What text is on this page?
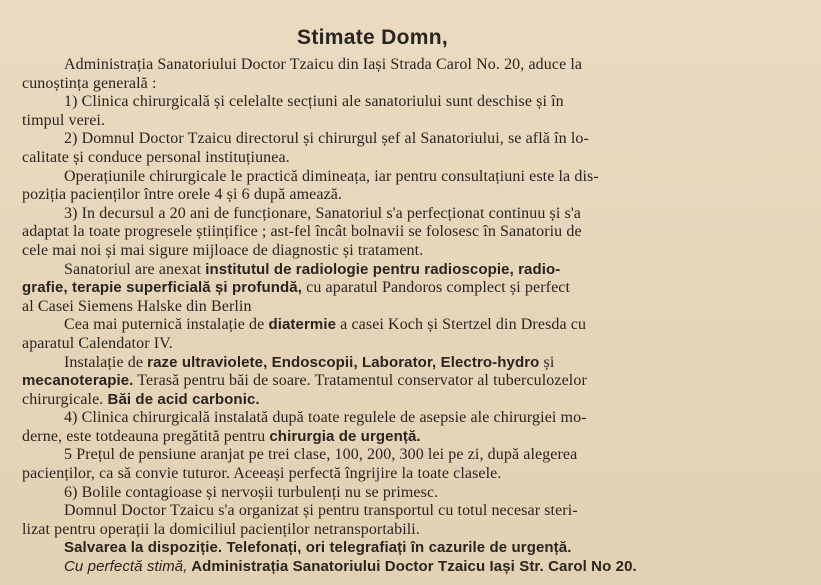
Stimate Domn,
Administrația Sanatoriului Doctor Tzaicu din Iași Strada Carol No. 20, aduce la
cunoștința generală :
1) Clinica chirurgicală și celelalte secțiuni ale sanatoriului sunt deschise și în
timpul verei.
2) Domnul Doctor Tzaicu directorul și chirurgul șef al Sanatoriului, se află în lo-
calitate și conduce personal instituțiunea.
Operațiunile chirurgicale le practică dimineața, iar pentru consultațiuni este la dis-
poziția pacienților între orele 4 și 6 după amează.
3) In decursul a 20 ani de funcționare, Sanatoriul s'a perfecționat continuu și s'a
adaptat la toate progresele științifice ; ast-fel încât bolnavii se folosesc în Sanatoriu de
cele mai noi și mai sigure mijloace de diagnostic și tratament.
Sanatoriul are anexat institutul de radiologie pentru radioscopie, radio-
grafie, terapie superficială și profundă, cu aparatul Pandoros complect și perfect
al Casei Siemens Halske din Berlin
Cea mai puternică instalație de diatermie a casei Koch și Stertzel din Dresda cu
aparatul Calendator IV.
Instalație de raze ultraviolete, Endoscopii, Laborator, Electro-hydro și
mecanoterapie. Terasă pentru băi de soare. Tratamentul conservator al tuberculozelor
chirurgicale. Băi de acid carbonic.
4) Clinica chirurgicală instalată după toate regulele de asepsie ale chirurgiei mo-
derne, este totdeauna pregătită pentru chirurgia de urgență.
5 Prețul de pensiune aranjat pe trei clase, 100, 200, 300 lei pe zi, după alegerea
pacienților, ca să convie tuturor. Aceeași perfectă îngrijire la toate clasele.
6) Bolile contagioase și nervoșii turbulenți nu se primesc.
Domnul Doctor Tzaicu s'a organizat și pentru transportul cu totul necesar steri-
lizat pentru operații la domiciliul pacienților netransportabili.
Salvarea la dispoziție. Telefonați, ori telegrafiați în cazurile de urgență.
Cu perfectă stimă, Administrația Sanatoriului Doctor Tzaicu Iași Str. Carol No 20.
